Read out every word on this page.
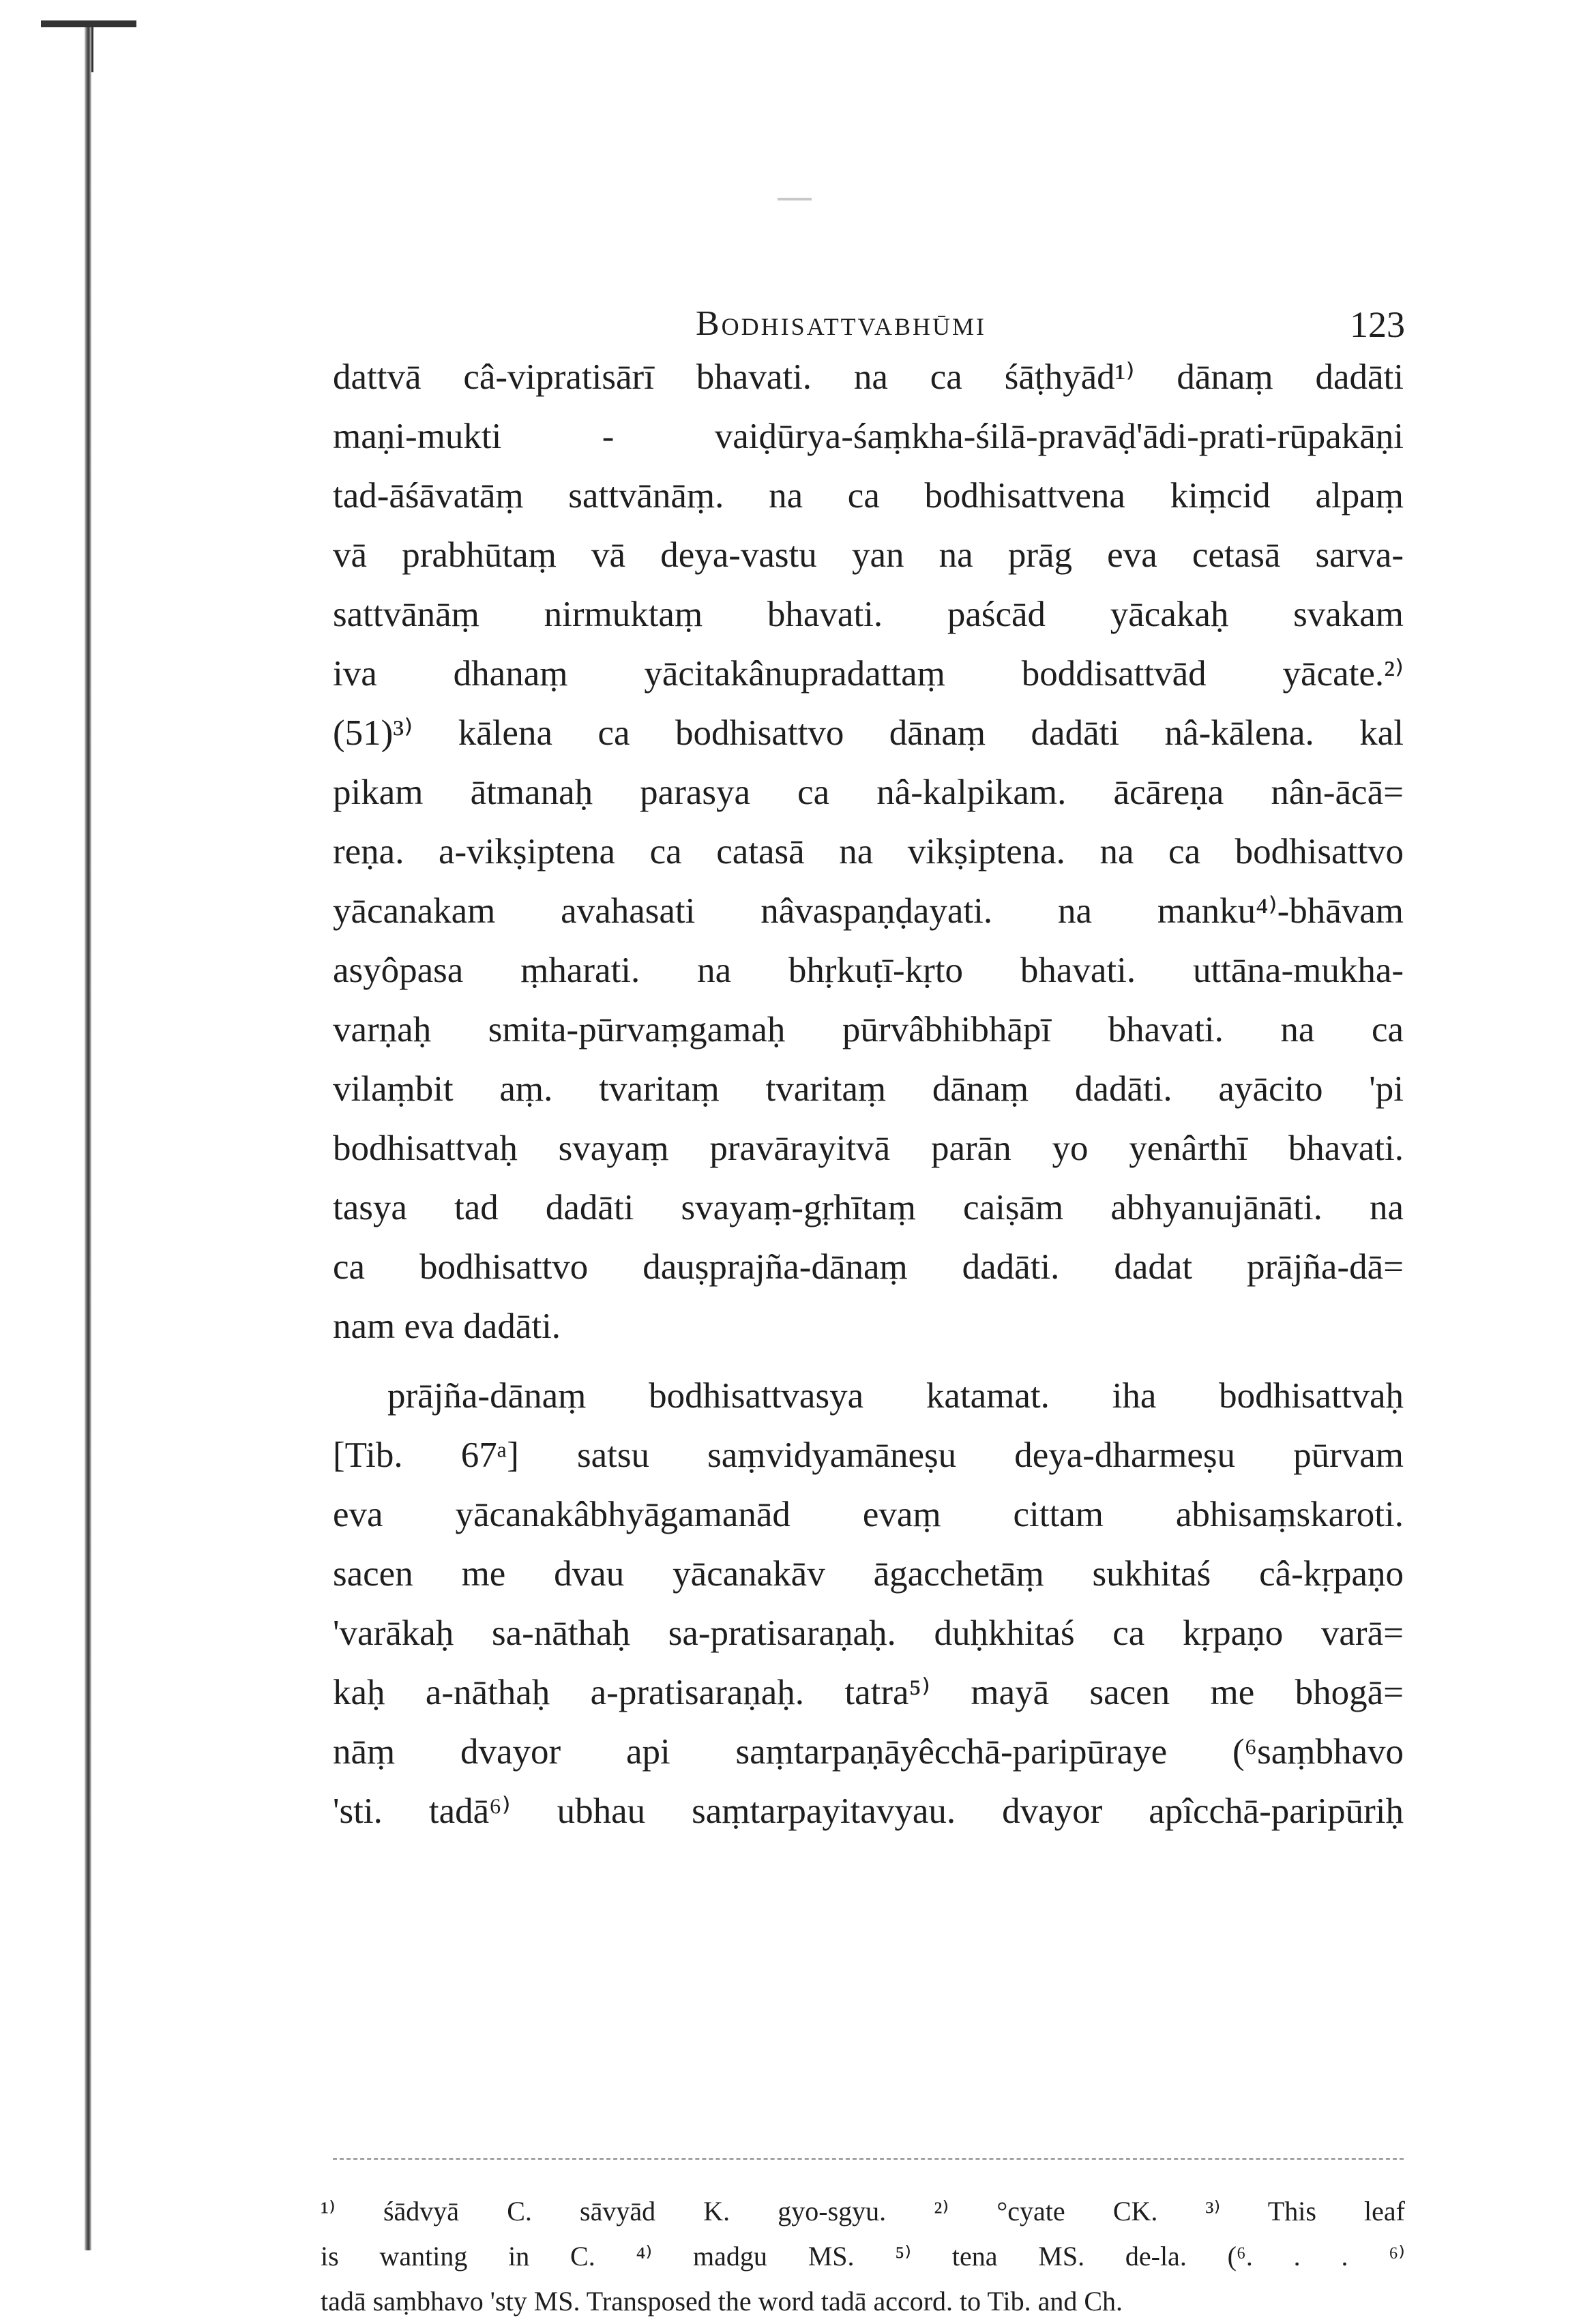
Bodhisattvabhūmi	123
dattvā câ-vipratisārī bhavati. na ca śāṭhyād¹⁾ dānaṃ dadāti
maṇi-mukti - vaiḍūrya-śaṃkha-śilā-pravāḍ'ādi-prati-rūpakāṇi
tad-āśāvatāṃ sattvānāṃ. na ca bodhisattvena kiṃcid alpaṃ
vā prabhūtaṃ vā deya-vastu yan na prāg eva cetasā sarva-
sattvānāṃ nirmuktaṃ bhavati. paścād yācakaḥ svakam
iva dhanaṃ yācitakânupradattaṃ boddisattvād yācate.²⁾
(51)³⁾ kālena ca bodhisattvo dānaṃ dadāti nâ-kālena. kal
pikam ātmanaḥ parasya ca nâ-kalpikam. ācāreṇa nân-ācā=
reṇa. a-vikṣiptena ca catasā na vikṣiptena. na ca bodhisattvo
yācanakam avahasati nâvaspaṇḍayati. na manku⁴⁾-bhāvam
asyôpasa ṃharati. na bhṛkuṭī-kṛto bhavati. uttāna-mukha-
varṇaḥ smita-pūrvaṃgamaḥ pūrvâbhibhāpī bhavati. na ca
vilaṃbit aṃ. tvaritaṃ tvaritaṃ dānaṃ dadāti. ayācito 'pi
bodhisattvaḥ svayaṃ pravārayitvā parān yo yenârthī bhavati.
tasya tad dadāti svayaṃ-gṛhītaṃ caiṣām abhyanujānāti. na
ca bodhisattvo dauṣprajña-dānaṃ dadāti. dadat prājña-dā=
nam eva dadāti.
prājña-dānaṃ bodhisattvasya katamat. iha bodhisattvaḥ
[Tib. 67ᵃ] satsu saṃvidyamāneṣu deya-dharmeṣu pūrvam
eva yācanakâbhyāgamanād evaṃ cittam abhisaṃskaroti.
sacen me dvau yācanakāv āgacchetāṃ sukhitaś câ-kṛpaṇo
'varākaḥ sa-nāthaḥ sa-pratisaraṇaḥ. duḥkhitaś ca kṛpaṇo varā=
kaḥ a-nāthaḥ a-pratisaraṇaḥ. tatra⁵⁾ mayā sacen me bhogā=
nāṃ dvayor api saṃtarpaṇāyêcchā-paripūraye (⁶saṃbhavo
'sti. tadā⁶⁾ ubhau saṃtarpayitavyau. dvayor apîcchā-paripūriḥ
¹⁾ śādvyā C. sāvyād K. gyo-sgyu. ²⁾ °cyate CK. ³⁾ This leaf
is wanting in C. ⁴⁾ madgu MS. ⁵⁾ tena MS. de-la. (⁶. . . ⁶⁾
tadā saṃbhavo 'sty MS. Transposed the word tadā accord. to Tib. and Ch.
